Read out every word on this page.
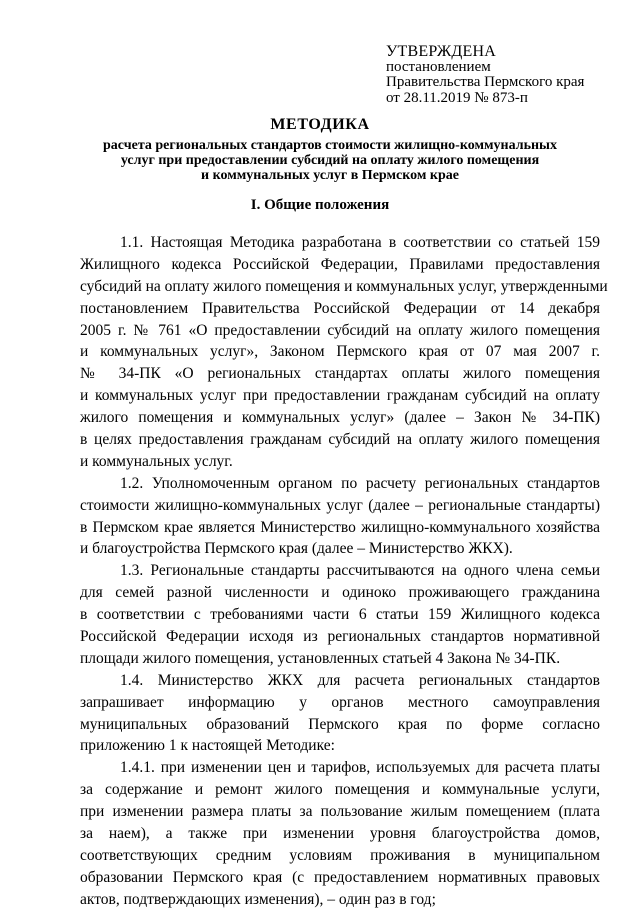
УТВЕРЖДЕНА
постановлением
Правительства Пермского края
от 28.11.2019 № 873-п
МЕТОДИКА
расчета региональных стандартов стоимости жилищно-коммунальных
услуг при предоставлении субсидий на оплату жилого помещения
и коммунальных услуг в Пермском крае
I. Общие положения
1.1. Настоящая Методика разработана в соответствии со статьей 159
Жилищного кодекса Российской Федерации, Правилами предоставления
субсидий на оплату жилого помещения и коммунальных услуг, утвержденными
постановлением Правительства Российской Федерации от 14 декабря
2005 г. № 761 «О предоставлении субсидий на оплату жилого помещения
и коммунальных услуг», Законом Пермского края от 07 мая 2007 г.
№ 34-ПК «О региональных стандартах оплаты жилого помещения
и коммунальных услуг при предоставлении гражданам субсидий на оплату
жилого помещения и коммунальных услуг» (далее – Закон № 34-ПК)
в целях предоставления гражданам субсидий на оплату жилого помещения
и коммунальных услуг.
1.2. Уполномоченным органом по расчету региональных стандартов
стоимости жилищно-коммунальных услуг (далее – региональные стандарты)
в Пермском крае является Министерство жилищно-коммунального хозяйства
и благоустройства Пермского края (далее – Министерство ЖКХ).
1.3. Региональные стандарты рассчитываются на одного члена семьи
для семей разной численности и одиноко проживающего гражданина
в соответствии с требованиями части 6 статьи 159 Жилищного кодекса
Российской Федерации исходя из региональных стандартов нормативной
площади жилого помещения, установленных статьей 4 Закона № 34-ПК.
1.4. Министерство ЖКХ для расчета региональных стандартов
запрашивает информацию у органов местного самоуправления
муниципальных образований Пермского края по форме согласно
приложению 1 к настоящей Методике:
1.4.1. при изменении цен и тарифов, используемых для расчета платы
за содержание и ремонт жилого помещения и коммунальные услуги,
при изменении размера платы за пользование жилым помещением (плата
за наем), а также при изменении уровня благоустройства домов,
соответствующих средним условиям проживания в муниципальном
образовании Пермского края (с предоставлением нормативных правовых
актов, подтверждающих изменения), – один раз в год;
